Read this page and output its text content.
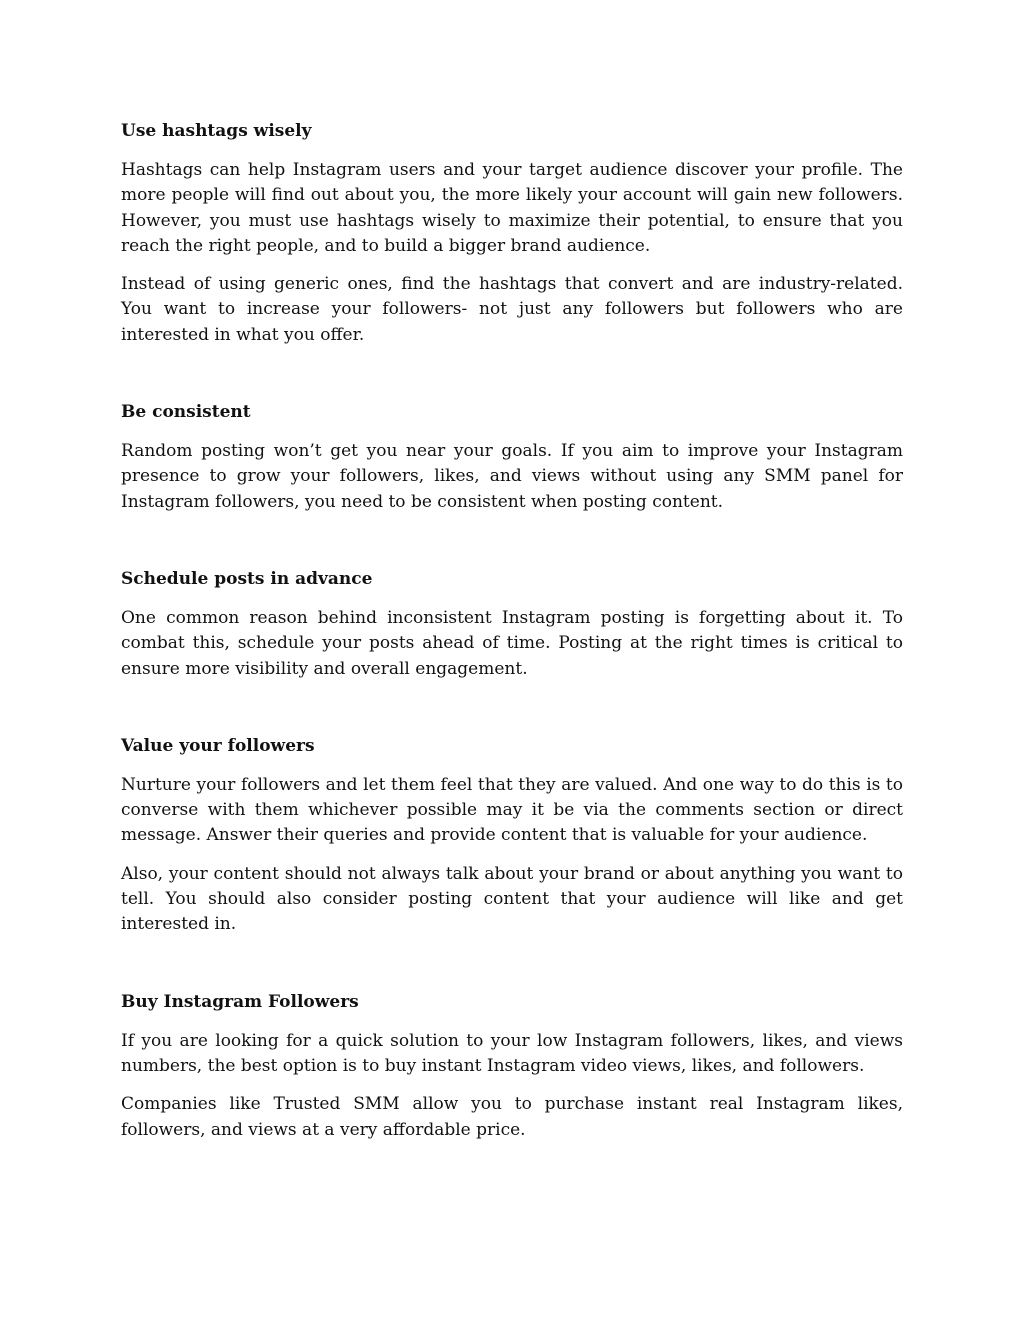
Use hashtags wisely

Hashtags can help Instagram users and your target audience discover your profile. The more people will find out about you, the more likely your account will gain new followers. However, you must use hashtags wisely to maximize their potential, to ensure that you reach the right people, and to build a bigger brand audience.

Instead of using generic ones, find the hashtags that convert and are industry-related. You want to increase your followers- not just any followers but followers who are interested in what you offer.

Be consistent

Random posting won’t get you near your goals. If you aim to improve your Instagram presence to grow your followers, likes, and views without using any SMM panel for Instagram followers, you need to be consistent when posting content.

Schedule posts in advance

One common reason behind inconsistent Instagram posting is forgetting about it. To combat this, schedule your posts ahead of time. Posting at the right times is critical to ensure more visibility and overall engagement.

Value your followers

Nurture your followers and let them feel that they are valued. And one way to do this is to converse with them whichever possible may it be via the comments section or direct message. Answer their queries and provide content that is valuable for your audience.

Also, your content should not always talk about your brand or about anything you want to tell. You should also consider posting content that your audience will like and get interested in.

Buy Instagram Followers

If you are looking for a quick solution to your low Instagram followers, likes, and views numbers, the best option is to buy instant Instagram video views, likes, and followers.

Companies like Trusted SMM allow you to purchase instant real Instagram likes, followers, and views at a very affordable price.
